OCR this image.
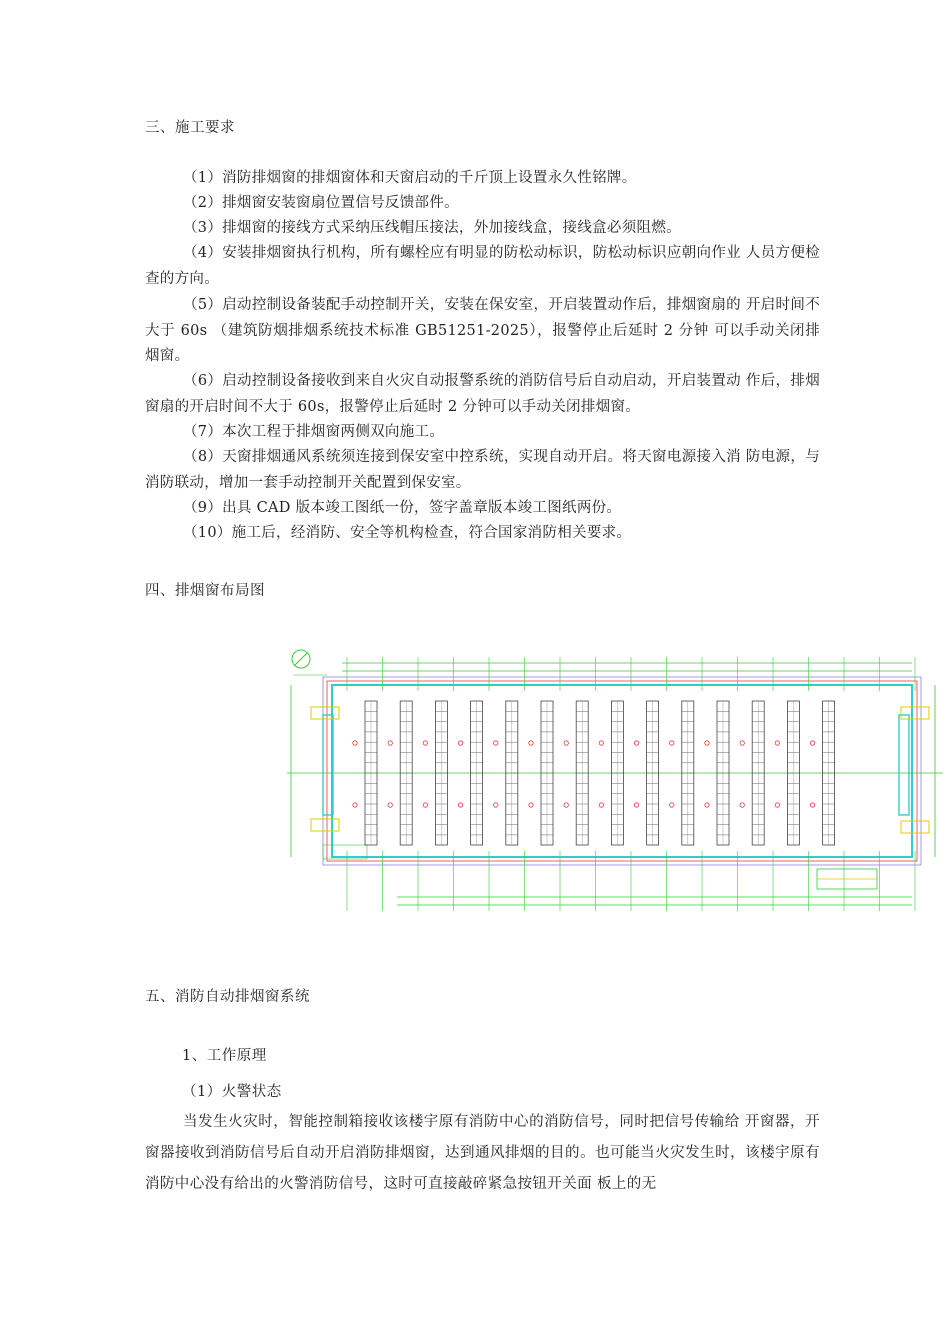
三、施工要求
（1）消防排烟窗的排烟窗体和天窗启动的千斤顶上设置永久性铭牌。
（2）排烟窗安装窗扇位置信号反馈部件。
（3）排烟窗的接线方式采纳压线帽压接法，外加接线盒，接线盒必须阻燃。
（4）安装排烟窗执行机构，所有螺栓应有明显的防松动标识，防松动标识应朝向作业 人员方便检查的方向。
（5）启动控制设备装配手动控制开关，安装在保安室，开启装置动作后，排烟窗扇的 开启时间不大于 60s （建筑防烟排烟系统技术标准 GB51251-2025），报警停止后延时 2 分钟 可以手动关闭排烟窗。
（6）启动控制设备接收到来自火灾自动报警系统的消防信号后自动启动，开启装置动 作后，排烟窗扇的开启时间不大于 60s，报警停止后延时 2 分钟可以手动关闭排烟窗。
（7）本次工程于排烟窗两侧双向施工。
（8）天窗排烟通风系统须连接到保安室中控系统，实现自动开启。将天窗电源接入消 防电源，与消防联动，增加一套手动控制开关配置到保安室。
（9）出具 CAD 版本竣工图纸一份，签字盖章版本竣工图纸两份。
（10）施工后，经消防、安全等机构检查，符合国家消防相关要求。
四、排烟窗布局图
五、消防自动排烟窗系统
1、工作原理
（1）火警状态
当发生火灾时，智能控制箱接收该楼宇原有消防中心的消防信号，同时把信号传输给 开窗器，开窗器接收到消防信号后自动开启消防排烟窗，达到通风排烟的目的。也可能当火灾发生时，该楼宇原有消防中心没有给出的火警消防信号，这时可直接敲碎紧急按钮开关面 板上的无
